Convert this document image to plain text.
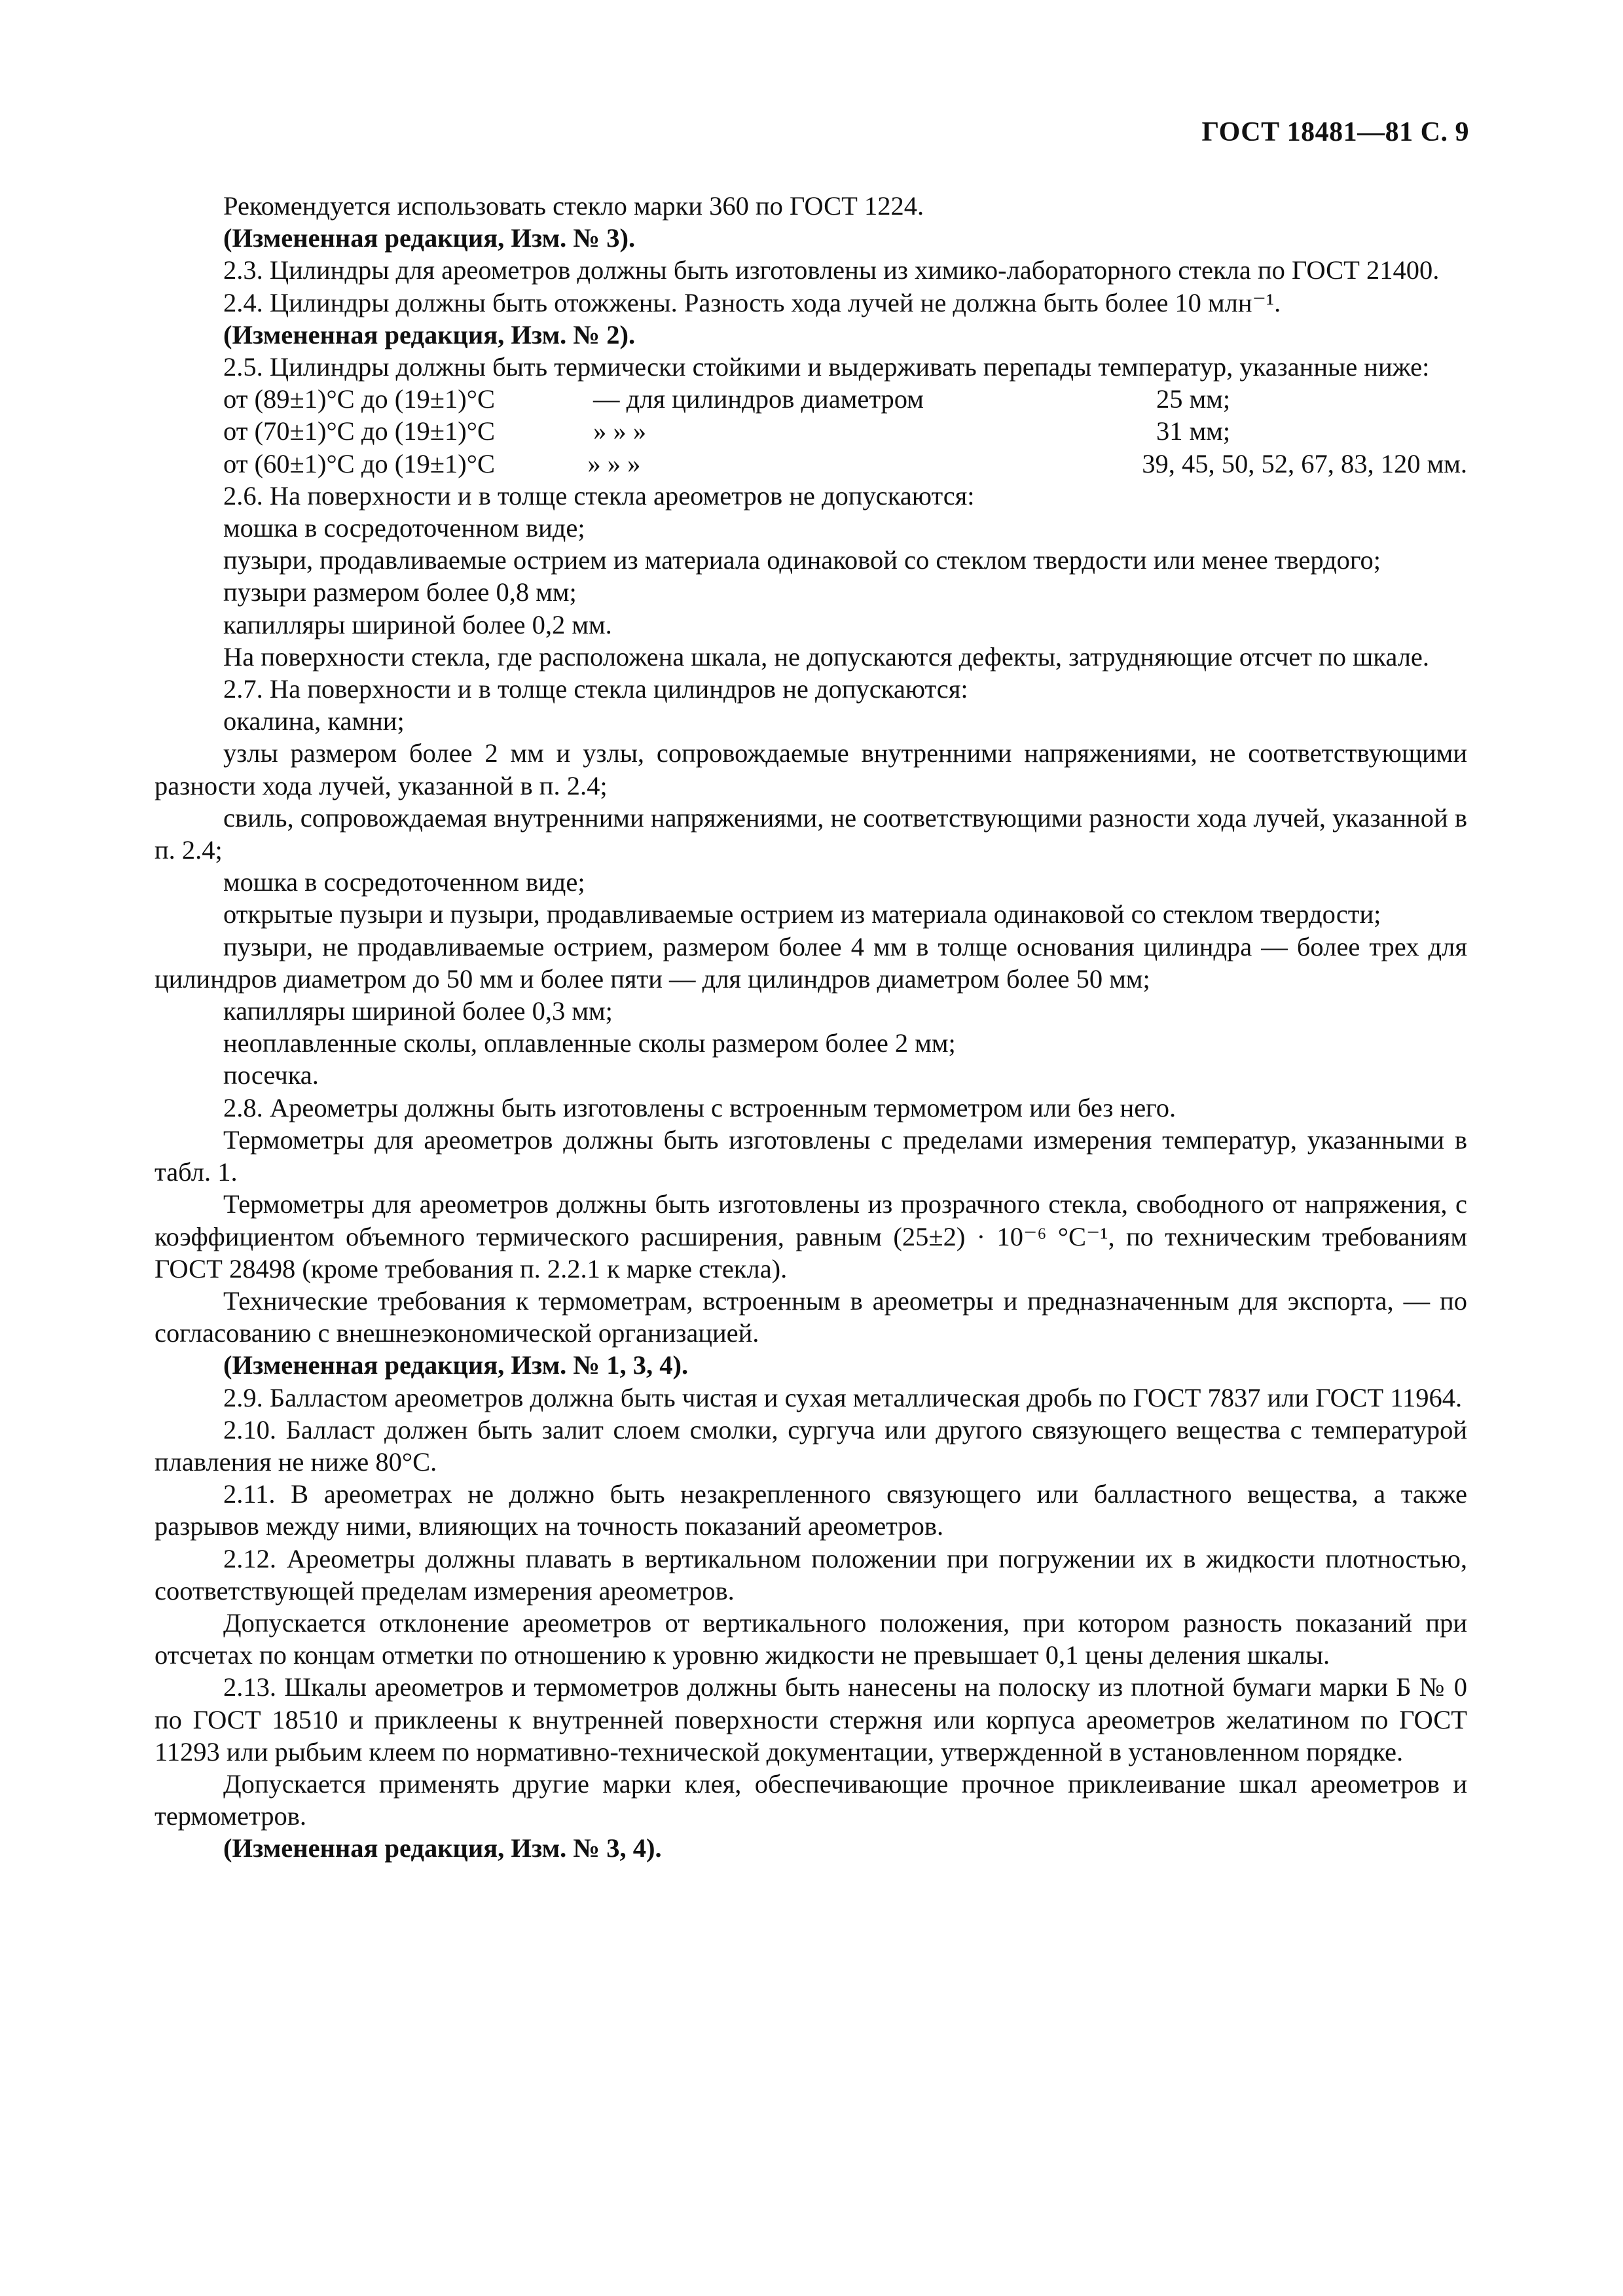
ГОСТ 18481—81 С. 9

Рекомендуется использовать стекло марки 360 по ГОСТ 1224.

(Измененная редакция, Изм. № 3).

2.3. Цилиндры для ареометров должны быть изготовлены из химико-лабораторного стекла по ГОСТ 21400.

2.4. Цилиндры должны быть отожжены. Разность хода лучей не должна быть более 10 млн⁻¹.

(Измененная редакция, Изм. № 2).

2.5. Цилиндры должны быть термически стойкими и выдерживать перепады температур, указанные ниже:

от (89±1)°С до (19±1)°С	— для цилиндров диаметром	25 мм;
от (70±1)°С до (19±1)°С	» » »	31 мм;
от (60±1)°С до (19±1)°С	» » »	39, 45, 50, 52, 67, 83, 120 мм.

2.6. На поверхности и в толще стекла ареометров не допускаются:

мошка в сосредоточенном виде;

пузыри, продавливаемые острием из материала одинаковой со стеклом твердости или менее твердого;

пузыри размером более 0,8 мм;

капилляры шириной более 0,2 мм.

На поверхности стекла, где расположена шкала, не допускаются дефекты, затрудняющие отсчет по шкале.

2.7. На поверхности и в толще стекла цилиндров не допускаются:

окалина, камни;

узлы размером более 2 мм и узлы, сопровождаемые внутренними напряжениями, не соответствующими разности хода лучей, указанной в п. 2.4;

свиль, сопровождаемая внутренними напряжениями, не соответствующими разности хода лучей, указанной в п. 2.4;

мошка в сосредоточенном виде;

открытые пузыри и пузыри, продавливаемые острием из материала одинаковой со стеклом твердости;

пузыри, не продавливаемые острием, размером более 4 мм в толще основания цилиндра — более трех для цилиндров диаметром до 50 мм и более пяти — для цилиндров диаметром более 50 мм;

капилляры шириной более 0,3 мм;

неоплавленные сколы, оплавленные сколы размером более 2 мм;

посечка.

2.8. Ареометры должны быть изготовлены с встроенным термометром или без него.

Термометры для ареометров должны быть изготовлены с пределами измерения температур, указанными в табл. 1.

Термометры для ареометров должны быть изготовлены из прозрачного стекла, свободного от напряжения, с коэффициентом объемного термического расширения, равным (25±2) · 10⁻⁶ °С⁻¹, по техническим требованиям ГОСТ 28498 (кроме требования п. 2.2.1 к марке стекла).

Технические требования к термометрам, встроенным в ареометры и предназначенным для экспорта, — по согласованию с внешнеэкономической организацией.

(Измененная редакция, Изм. № 1, 3, 4).

2.9. Балластом ареометров должна быть чистая и сухая металлическая дробь по ГОСТ 7837 или ГОСТ 11964.

2.10. Балласт должен быть залит слоем смолки, сургуча или другого связующего вещества с температурой плавления не ниже 80°С.

2.11. В ареометрах не должно быть незакрепленного связующего или балластного вещества, а также разрывов между ними, влияющих на точность показаний ареометров.

2.12. Ареометры должны плавать в вертикальном положении при погружении их в жидкости плотностью, соответствующей пределам измерения ареометров.

Допускается отклонение ареометров от вертикального положения, при котором разность показаний при отсчетах по концам отметки по отношению к уровню жидкости не превышает 0,1 цены деления шкалы.

2.13. Шкалы ареометров и термометров должны быть нанесены на полоску из плотной бумаги марки Б № 0 по ГОСТ 18510 и приклеены к внутренней поверхности стержня или корпуса ареометров желатином по ГОСТ 11293 или рыбьим клеем по нормативно-технической документации, утвержденной в установленном порядке.

Допускается применять другие марки клея, обеспечивающие прочное приклеивание шкал ареометров и термометров.

(Измененная редакция, Изм. № 3, 4).
